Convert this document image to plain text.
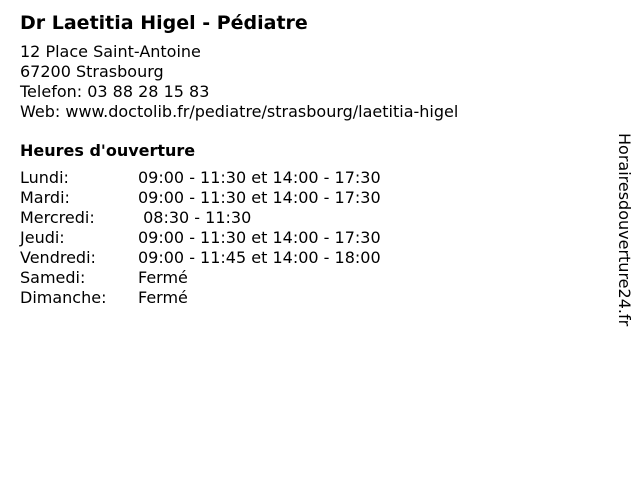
Dr Laetitia Higel - Pédiatre
12 Place Saint-Antoine
67200 Strasbourg
Telefon: 03 88 28 15 83
Web: www.doctolib.fr/pediatre/strasbourg/laetitia-higel
Heures d'ouverture
Lundi:	09:00 - 11:30 et 14:00 - 17:30
Mardi:	09:00 - 11:30 et 14:00 - 17:30
Mercredi:	08:30 - 11:30
Jeudi:	09:00 - 11:30 et 14:00 - 17:30
Vendredi:	09:00 - 11:45 et 14:00 - 18:00
Samedi:	Fermé
Dimanche:	Fermé	Horairesdouverture24.fr
